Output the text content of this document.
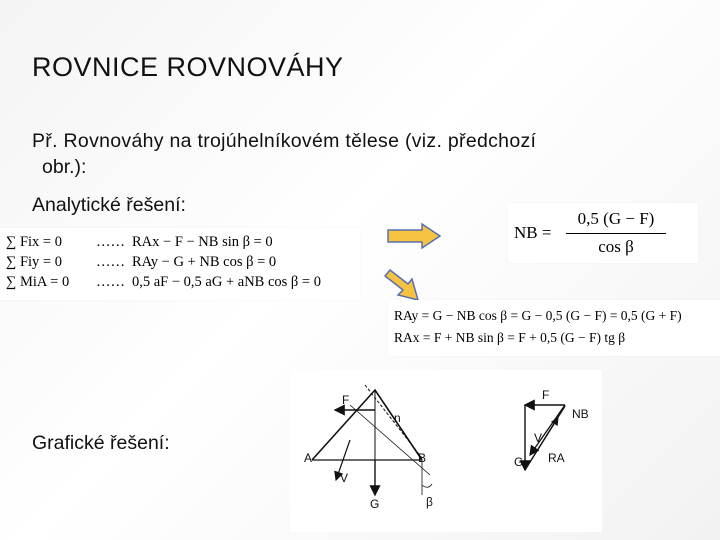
ROVNICE ROVNOVÁHY
Př. Rovnováhy na trojúhelníkovém tělese (viz. předchozí
obr.):
Analytické řešení:
∑ Fix = 0 …… RAx − F − NB sin β = 0
∑ Fiy = 0 …… RAy − G + NB cos β = 0
∑ MiA = 0 …… 0,5 aF − 0,5 aG + aNB cos β = 0
NB =
0,5 (G − F)
cos β
RAy = G − NB cos β = G − 0,5 (G − F) = 0,5 (G + F)
RAx = F + NB sin β = F + 0,5 (G − F) tg β
Grafické řešení:
F
n
A	B
V
G	β
F
NB
V
G RA
